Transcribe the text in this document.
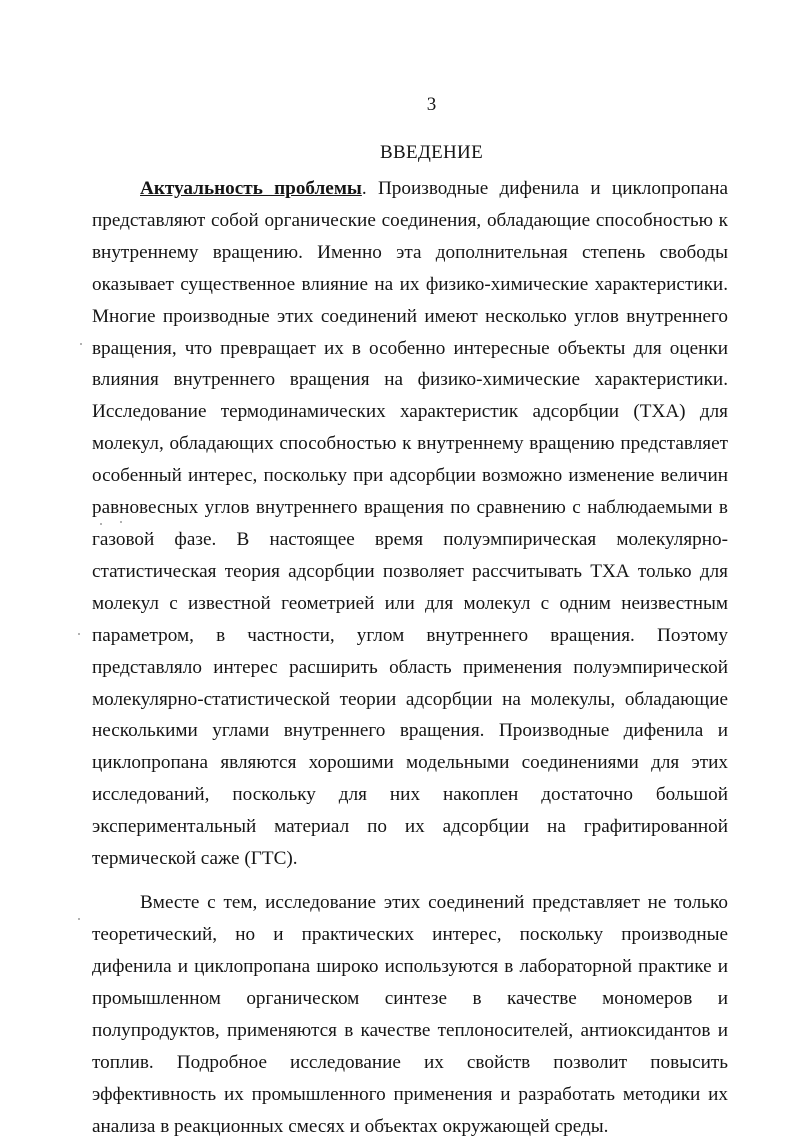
3
ВВЕДЕНИЕ

Актуальность проблемы. Производные дифенила и циклопропана представляют собой органические соединения, обладающие способностью к внутреннему вращению. Именно эта дополнительная степень свободы оказывает существенное влияние на их физико-химические характеристики. Многие производные этих соединений имеют несколько углов внутреннего вращения, что превращает их в особенно интересные объекты для оценки влияния внутреннего вращения на физико-химические характеристики. Исследование термодинамических характеристик адсорбции (ТХА) для молекул, обладающих способностью к внутреннему вращению представляет особенный интерес, поскольку при адсорбции возможно изменение величин равновесных углов внутреннего вращения по сравнению с наблюдаемыми в газовой фазе. В настоящее время полуэмпирическая молекулярно-статистическая теория адсорбции позволяет рассчитывать ТХА только для молекул с известной геометрией или для молекул с одним неизвестным параметром, в частности, углом внутреннего вращения. Поэтому представляло интерес расширить область применения полуэмпирической молекулярно-статистической теории адсорбции на молекулы, обладающие несколькими углами внутреннего вращения. Производные дифенила и циклопропана являются хорошими модельными соединениями для этих исследований, поскольку для них накоплен достаточно большой экспериментальный материал по их адсорбции на графитированной термической саже (ГТС).

Вместе с тем, исследование этих соединений представляет не только теоретический, но и практических интерес, поскольку производные дифенила и циклопропана широко используются в лабораторной практике и промышленном органическом синтезе в качестве мономеров и полупродуктов, применяются в качестве теплоносителей, антиоксидантов и топлив. Подробное исследование их свойств позволит повысить эффективность их промышленного применения и разработать методики их анализа в реакционных смесях и объектах окружающей среды.
